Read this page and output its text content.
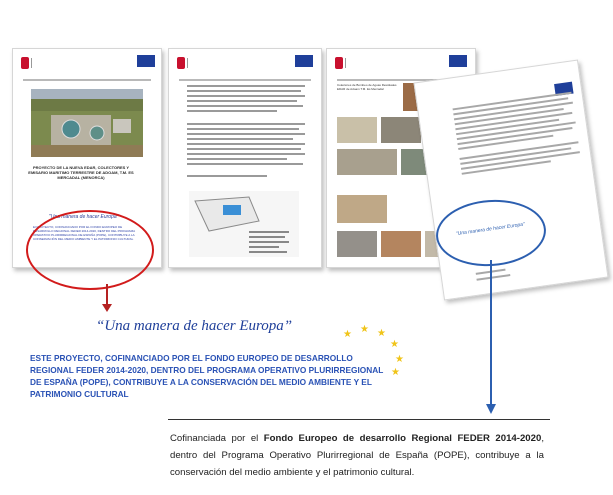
PROYECTO DE LA NUEVA EDAR, COLECTORES Y EMISARIO MARITIMO TERRESTRE DE ADOAM, T.M. ES MERCADAL (MENORCA)
"Una manera de hacer Europa"
El PROYECTO, COFINANCIADO POR EL FONDO EUROPEO DE DESARROLLO REGIONAL FEDER 2014-2020, DENTRO DEL PROGRAMA OPERATIVO PLURIRREGIONAL DE ESPAÑA (POPE), CONTRIBUYE A LA CONSERVACIÓN DEL MEDIO AMBIENTE Y EL PATRIMONIO CULTURAL
Colectores de Bombeo de Aguas Residuales EDAR de Adoam T.M. Es Mercadal
"Una manera de hacer Europa"
★ ★ ★
★
★
★
“Una manera de hacer Europa”
ESTE PROYECTO, COFINANCIADO POR EL FONDO EUROPEO DE DESARROLLO REGIONAL FEDER 2014-2020, DENTRO DEL PROGRAMA OPERATIVO PLURIRREGIONAL DE ESPAÑA (POPE), CONTRIBUYE A LA CONSERVACIÓN DEL MEDIO AMBIENTE Y EL PATRIMONIO CULTURAL
Cofinanciada por el Fondo Europeo de desarrollo Regional FEDER 2014-2020, dentro del Programa Operativo Plurirregional de España (POPE), contribuye a la conservación del medio ambiente y el patrimonio cultural.
